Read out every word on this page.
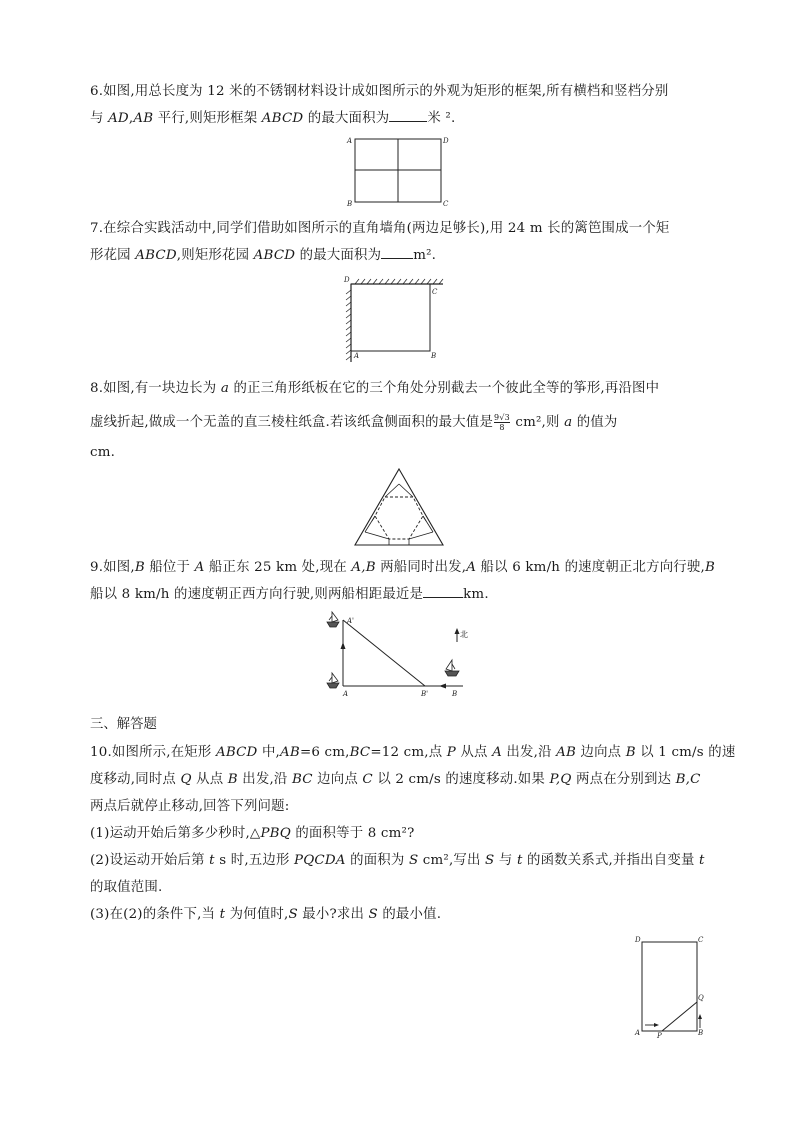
6.如图,用总长度为 12 米的不锈钢材料设计成如图所示的外观为矩形的框架,所有横档和竖档分别
与 AD,AB 平行,则矩形框架 ABCD 的最大面积为	米 ².
A	D
B	C
7.在综合实践活动中,同学们借助如图所示的直角墙角(两边足够长),用 24 m 长的篱笆围成一个矩
形花园 ABCD,则矩形花园 ABCD 的最大面积为 m².
A	B
C
D
8.如图,有一块边长为 a 的正三角形纸板在它的三个角处分别截去一个彼此全等的筝形,再沿图中
虚线折起,做成一个无盖的直三棱柱纸盒.若该纸盒侧面积的最大值是 $\frac{9√3}{8} cm^2$,则 a 的值为
cm.
9.如图,B 船位于 A 船正东 25 km 处,现在 A,B 两船同时出发,A 船以 6 km/h 的速度朝正北方向行驶,B
船以 8 km/h 的速度朝正西方向行驶,则两船相距最近是	km.
北
A'
A	B'	B
三、解答题
10.如图所示,在矩形 ABCD 中,AB=6 cm,BC=12 cm,点 P 从点 A 出发,沿 AB 边向点 B 以 1 cm/s 的速
度移动,同时点 Q 从点 B 出发,沿 BC 边向点 C 以 2 cm/s 的速度移动.如果 P,Q 两点在分别到达 B,C
两点后就停止移动,回答下列问题:
(1)运动开始后第多少秒时,△PBQ 的面积等于 8 cm²?
(2)设运动开始后第 t s 时,五边形 PQCDA 的面积为 S cm²,写出 S 与 t 的函数关系式,并指出自变量 t
的取值范围.
(3)在(2)的条件下,当 t 为何值时,S 最小?求出 S 的最小值.
D	C
A	B
P
Q
